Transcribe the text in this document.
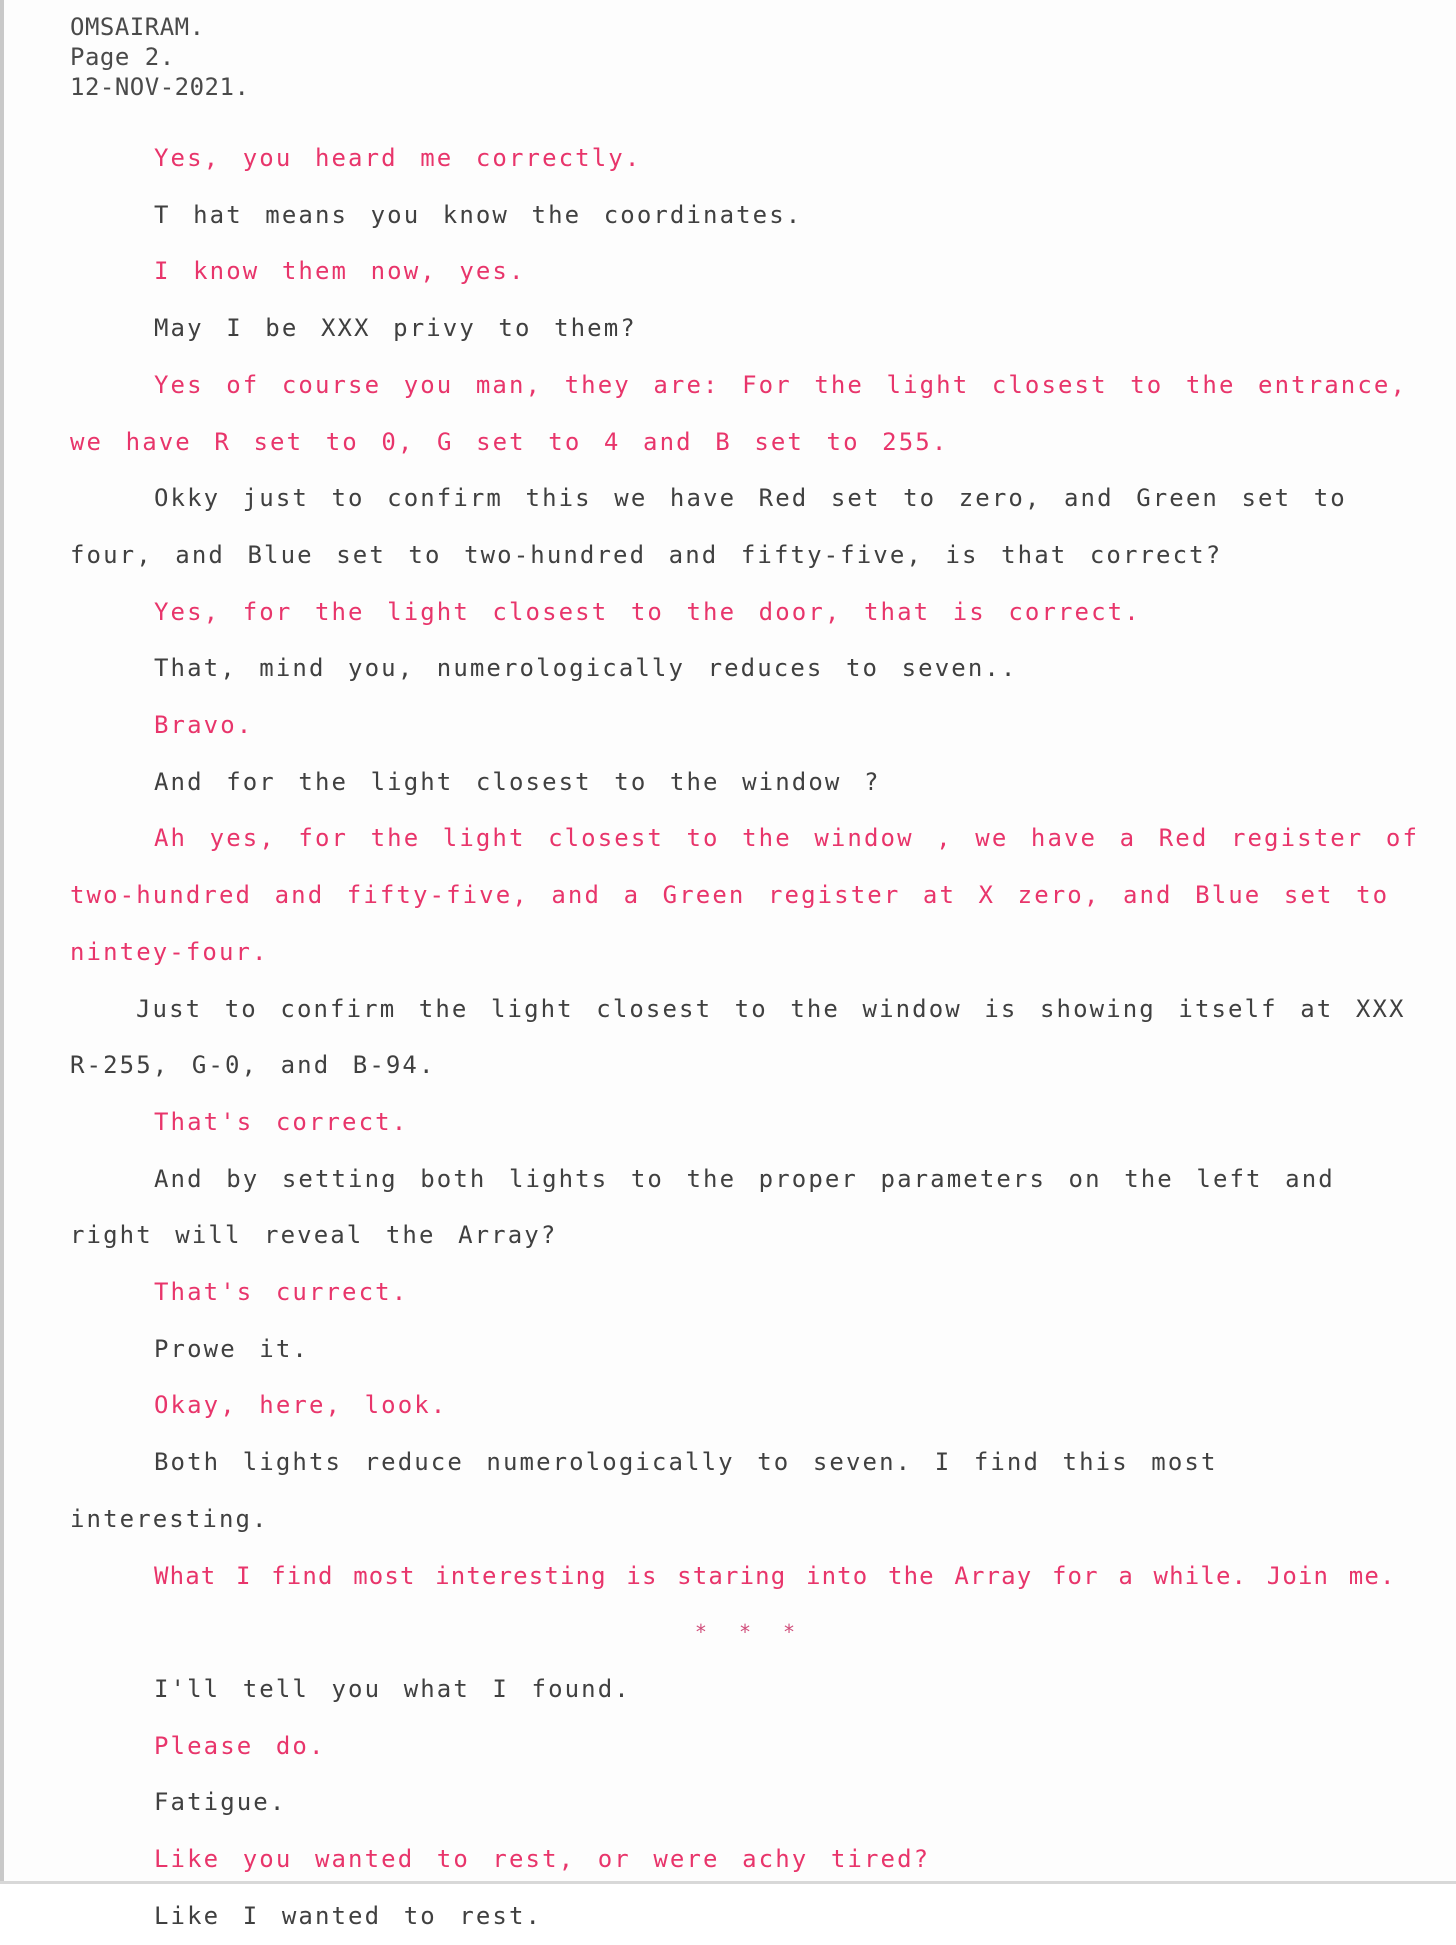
OMSAIRAM.
Page 2.
12-NOV-2021.

Yes, you heard me correctly.

T hat means you know the coordinates.

I know them now, yes.

May I be XXX privy to them?

Yes of course you man, they are: For the light closest to the entrance, we have R set to 0, G set to 4 and B set to 255.

Okky just to confirm this we have Red set to zero, and Green set to four, and Blue set to two-hundred and fifty-five, is that correct?

Yes, for the light closest to the door, that is correct.

That, mind you, numerologically reduces to seven..

Bravo.

And for the light closest to the window ?

Ah yes, for the light closest to the window , we have a Red register of two-hundred and fifty-five, and a Green register at X zero, and Blue set to nintey-four.

Just to confirm the light closest to the window is showing itself at XXX R-255, G-0, and B-94.

That's correct.

And by setting both lights to the proper parameters on the left and right will reveal the Array?

That's currect.

Prowe it.

Okay, here, look.

Both lights reduce numerologically to seven. I find this most interesting.

What I find most interesting is staring into the Array for a while. Join me.

* * *

I'll tell you what I found.

Please do.

Fatigue.

Like you wanted to rest, or were achy tired?

Like I wanted to rest.
